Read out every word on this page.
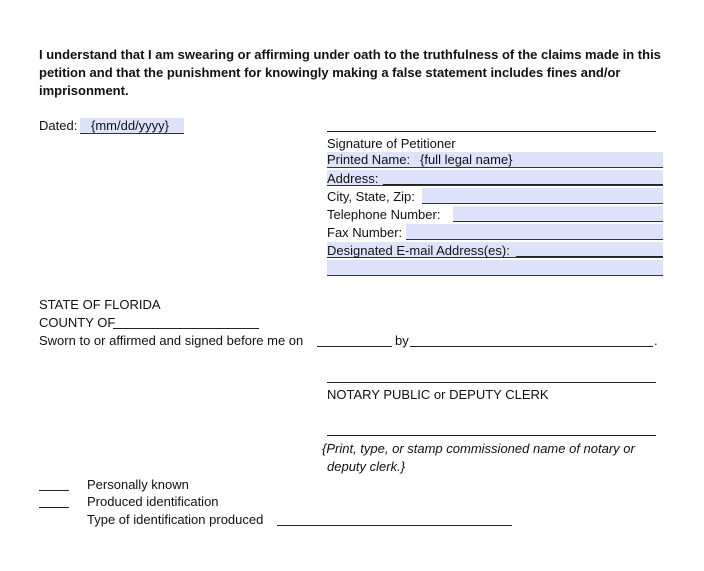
I understand that I am swearing or affirming under oath to the truthfulness of the claims made in this petition and that the punishment for knowingly making a false statement includes fines and/or imprisonment.
Dated:	{mm/dd/yyyy}
Signature of Petitioner
Printed Name: {full legal name}
Address:
City, State, Zip:
Telephone Number:
Fax Number:
Designated E-mail Address(es):
STATE OF FLORIDA
COUNTY OF
Sworn to or affirmed and signed before me on	by	.
NOTARY PUBLIC or DEPUTY CLERK
{Print, type, or stamp commissioned name of notary or
deputy clerk.}
Personally known
Produced identification
Type of identification produced
